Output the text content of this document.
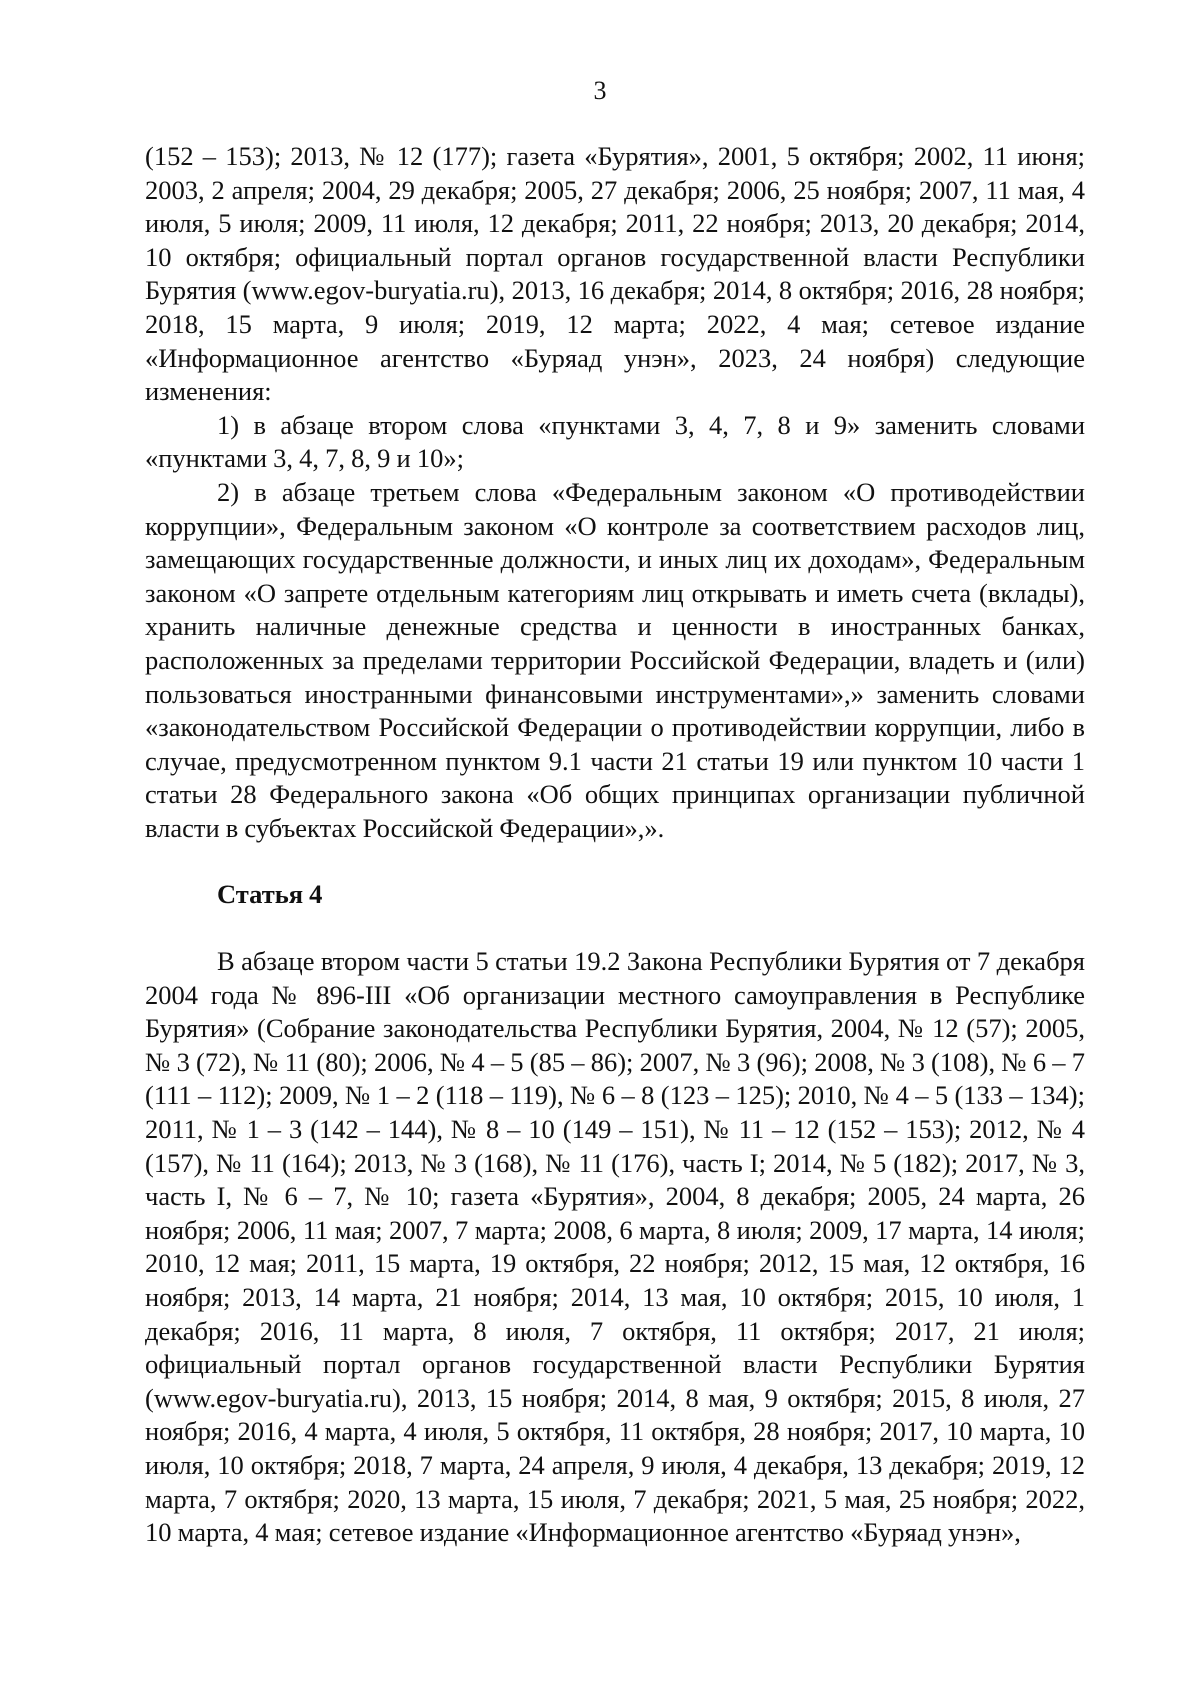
3

(152 – 153); 2013, № 12 (177); газета «Бурятия», 2001, 5 октября; 2002, 11 июня; 2003, 2 апреля; 2004, 29 декабря; 2005, 27 декабря; 2006, 25 ноября; 2007, 11 мая, 4 июля, 5 июля; 2009, 11 июля, 12 декабря; 2011, 22 ноября; 2013, 20 декабря; 2014, 10 октября; официальный портал органов государственной власти Республики Бурятия (www.egov-buryatia.ru), 2013, 16 декабря; 2014, 8 октября; 2016, 28 ноября; 2018, 15 марта, 9 июля; 2019, 12 марта; 2022, 4 мая; сетевое издание «Информационное агентство «Буряад унэн», 2023, 24 ноября) следующие изменения:

1) в абзаце втором слова «пунктами 3, 4, 7, 8 и 9» заменить словами «пунктами 3, 4, 7, 8, 9 и 10»;

2) в абзаце третьем слова «Федеральным законом «О противодействии коррупции», Федеральным законом «О контроле за соответствием расходов лиц, замещающих государственные должности, и иных лиц их доходам», Федеральным законом «О запрете отдельным категориям лиц открывать и иметь счета (вклады), хранить наличные денежные средства и ценности в иностранных банках, расположенных за пределами территории Российской Федерации, владеть и (или) пользоваться иностранными финансовыми инструментами»,» заменить словами «законодательством Российской Федерации о противодействии коррупции, либо в случае, предусмотренном пунктом 9.1 части 21 статьи 19 или пунктом 10 части 1 статьи 28 Федерального закона «Об общих принципах организации публичной власти в субъектах Российской Федерации»,».

Статья 4

В абзаце втором части 5 статьи 19.2 Закона Республики Бурятия от 7 декабря 2004 года № 896-III «Об организации местного самоуправления в Республике Бурятия» (Собрание законодательства Республики Бурятия, 2004, № 12 (57); 2005, № 3 (72), № 11 (80); 2006, № 4 – 5 (85 – 86); 2007, № 3 (96); 2008, № 3 (108), № 6 – 7 (111 – 112); 2009, № 1 – 2 (118 – 119), № 6 – 8 (123 – 125); 2010, № 4 – 5 (133 – 134); 2011, № 1 – 3 (142 – 144), № 8 – 10 (149 – 151), № 11 – 12 (152 – 153); 2012, № 4 (157), № 11 (164); 2013, № 3 (168), № 11 (176), часть I; 2014, № 5 (182); 2017, № 3, часть I, № 6 – 7, № 10; газета «Бурятия», 2004, 8 декабря; 2005, 24 марта, 26 ноября; 2006, 11 мая; 2007, 7 марта; 2008, 6 марта, 8 июля; 2009, 17 марта, 14 июля; 2010, 12 мая; 2011, 15 марта, 19 октября, 22 ноября; 2012, 15 мая, 12 октября, 16 ноября; 2013, 14 марта, 21 ноября; 2014, 13 мая, 10 октября; 2015, 10 июля, 1 декабря; 2016, 11 марта, 8 июля, 7 октября, 11 октября; 2017, 21 июля; официальный портал органов государственной власти Республики Бурятия (www.egov-buryatia.ru), 2013, 15 ноября; 2014, 8 мая, 9 октября; 2015, 8 июля, 27 ноября; 2016, 4 марта, 4 июля, 5 октября, 11 октября, 28 ноября; 2017, 10 марта, 10 июля, 10 октября; 2018, 7 марта, 24 апреля, 9 июля, 4 декабря, 13 декабря; 2019, 12 марта, 7 октября; 2020, 13 марта, 15 июля, 7 декабря; 2021, 5 мая, 25 ноября; 2022, 10 марта, 4 мая; сетевое издание «Информационное агентство «Буряад унэн»,
